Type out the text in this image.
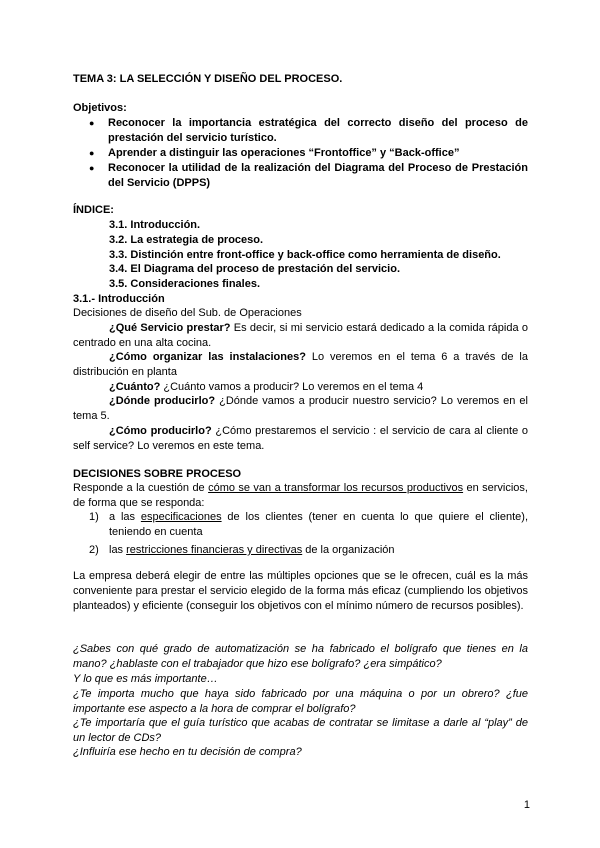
TEMA 3: LA SELECCIÓN Y DISEÑO DEL PROCESO.
Objetivos:
● Reconocer la importancia estratégica del correcto diseño del proceso de prestación del servicio turístico.
● Aprender a distinguir las operaciones “Frontoffice” y “Back-office”
● Reconocer la utilidad de la realización del Diagrama del Proceso de Prestación del Servicio (DPPS)
ÍNDICE:
3.1. Introducción.
3.2. La estrategia de proceso.
3.3. Distinción entre front-office y back-office como herramienta de diseño.
3.4. El Diagrama del proceso de prestación del servicio.
3.5. Consideraciones finales.
3.1.- Introducción
Decisiones de diseño del Sub. de Operaciones
¿Qué Servicio prestar? Es decir, si mi servicio estará dedicado a la comida rápida o centrado en una alta cocina.
¿Cómo organizar las instalaciones? Lo veremos en el tema 6 a través de la distribución en planta
¿Cuánto? ¿Cuánto vamos a producir? Lo veremos en el tema 4
¿Dónde producirlo? ¿Dónde vamos a producir nuestro servicio? Lo veremos en el tema 5.
¿Cómo producirlo? ¿Cómo prestaremos el servicio : el servicio de cara al cliente o self service? Lo veremos en este tema.
DECISIONES SOBRE PROCESO
Responde a la cuestión de cómo se van a transformar los recursos productivos en servicios, de forma que se responda:
1) a las especificaciones de los clientes (tener en cuenta lo que quiere el cliente), teniendo en cuenta
2) las restricciones financieras y directivas de la organización
La empresa deberá elegir de entre las múltiples opciones que se le ofrecen, cuál es la más conveniente para prestar el servicio elegido de la forma más eficaz (cumpliendo los objetivos planteados) y eficiente (conseguir los objetivos con el mínimo número de recursos posibles).
¿Sabes con qué grado de automatización se ha fabricado el bolígrafo que tienes en la mano? ¿hablaste con el trabajador que hizo ese bolígrafo? ¿era simpático?
Y lo que es más importante…
¿Te importa mucho que haya sido fabricado por una máquina o por un obrero? ¿fue importante ese aspecto a la hora de comprar el bolígrafo?
¿Te importaría que el guía turístico que acabas de contratar se limitase a darle al “play” de un lector de CDs?
¿Influiría ese hecho en tu decisión de compra?
1
